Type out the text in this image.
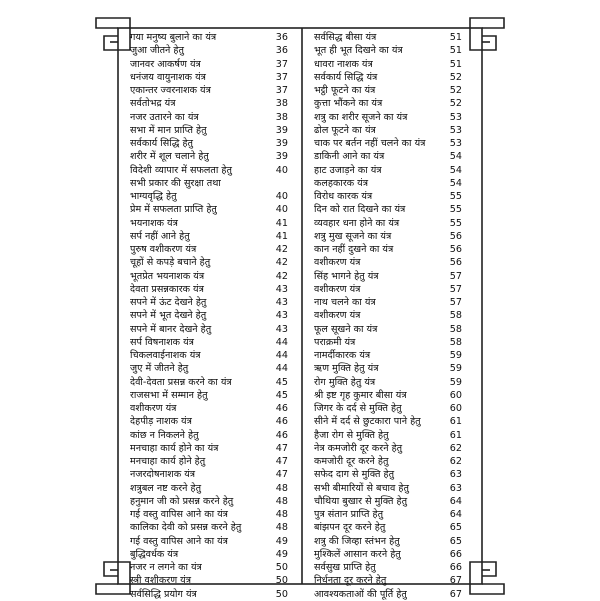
गया मनुष्य बुलाने का यंत्र	36
जुआ जीतने हेतु	36
जानवर आकर्षण यंत्र	37
धनंजय वायुनाशक यंत्र	37
एकान्तर ज्वरनाशक यंत्र	37
सर्वतोभद्र यंत्र	38
नजर उतारने का यंत्र	38
सभा में मान प्राप्ति हेतु	39
सर्वकार्य सिद्धि हेतु	39
शरीर में शूल चलाने हेतु	39
विदेशी व्यापार में सफलता हेतु	40
सभी प्रकार की सुरक्षा तथा
भाग्यवृद्धि हेतु	40
प्रेम में सफलता प्राप्ति हेतु	40
भयनाशक यंत्र	41
सर्प नहीं आने हेतु	41
पुरुष वशीकरण यंत्र	42
चूहों से कपड़े बचाने हेतु	42
भूतप्रेत भयनाशक यंत्र	42
देवता प्रसन्नकारक यंत्र	43
सपने में ऊंट देखने हेतु	43
सपने में भूत देखने हेतु	43
सपने में बानर देखने हेतु	43
सर्प विषनाशक यंत्र	44
चिकलवाईनाशक यंत्र	44
जुए में जीतने हेतु	44
देवी-देवता प्रसन्न करने का यंत्र	45
राजसभा में सम्मान हेतु	45
वशीकरण यंत्र	46
देहपीड़ नाशक यंत्र	46
कांछ न निकलने हेतु	46
मनचाहा कार्य होने का यंत्र	47
मनचाहा कार्य होने हेतु	47
नजरदोषनाशक यंत्र	47
शत्रुबल नष्ट करने हेतु	48
हनुमान जी को प्रसन्न करने हेतु	48
गई वस्तु वापिस आने का यंत्र	48
कालिका देवी को प्रसन्न करने हेतु	48
गई वस्तु वापिस आने का यंत्र	49
बुद्धिवर्धक यंत्र	49
नजर न लगने का यंत्र	50
स्त्री वशीकरण यंत्र	50
सर्वसिद्धि प्रयोग यंत्र	50
सर्वसिद्ध बीसा यंत्र	51
भूत ही भूत दिखने का यंत्र	51
धावरा नाशक यंत्र	51
सर्वकार्य सिद्धि यंत्र	52
भट्ठी फूटने का यंत्र	52
कुत्ता भौंकने का यंत्र	52
शत्रु का शरीर सूजने का यंत्र	53
ढोल फूटने का यंत्र	53
चाक पर बर्तन नहीं चलने का यंत्र	53
डाकिनी आने का यंत्र	54
हाट उजाड़ने का यंत्र	54
कलहकारक यंत्र	54
विरोध कारक यंत्र	55
दिन को रात दिखने का यंत्र	55
व्यवहार धना होने का यंत्र	55
शत्रु मुख सूजने का यंत्र	56
कान नहीं दुखने का यंत्र	56
वशीकरण यंत्र	56
सिंह भागने हेतु यंत्र	57
वशीकरण यंत्र	57
नाथ चलने का यंत्र	57
वशीकरण यंत्र	58
फूल सूखने का यंत्र	58
पराक्रमी यंत्र	58
नामर्दीकारक यंत्र	59
ऋण मुक्ति हेतु यंत्र	59
रोग मुक्ति हेतु यंत्र	59
श्री इष्ट गृह कुमार बीसा यंत्र	60
जिगर के दर्द से मुक्ति हेतु	60
सीने में दर्द से छुटकारा पाने हेतु	61
हैजा रोग से मुक्ति हेतु	61
नेत्र कमजोरी दूर करने हेतु	62
कमजोरी दूर करने हेतु	62
सफेद दाग से मुक्ति हेतु	63
सभी बीमारियों से बचाव हेतु	63
चौथिया बुखार से मुक्ति हेतु	64
पुत्र संतान प्राप्ति हेतु	64
बांझपन दूर करने हेतु	65
शत्रु की जिव्हा स्तंभन हेतु	65
मुश्किलें आसान करने हेतु	66
सर्वसुख प्राप्ति हेतु	66
निर्धनता दूर करने हेतु	67
आवश्यकताओं की पूर्ति हेतु	67
